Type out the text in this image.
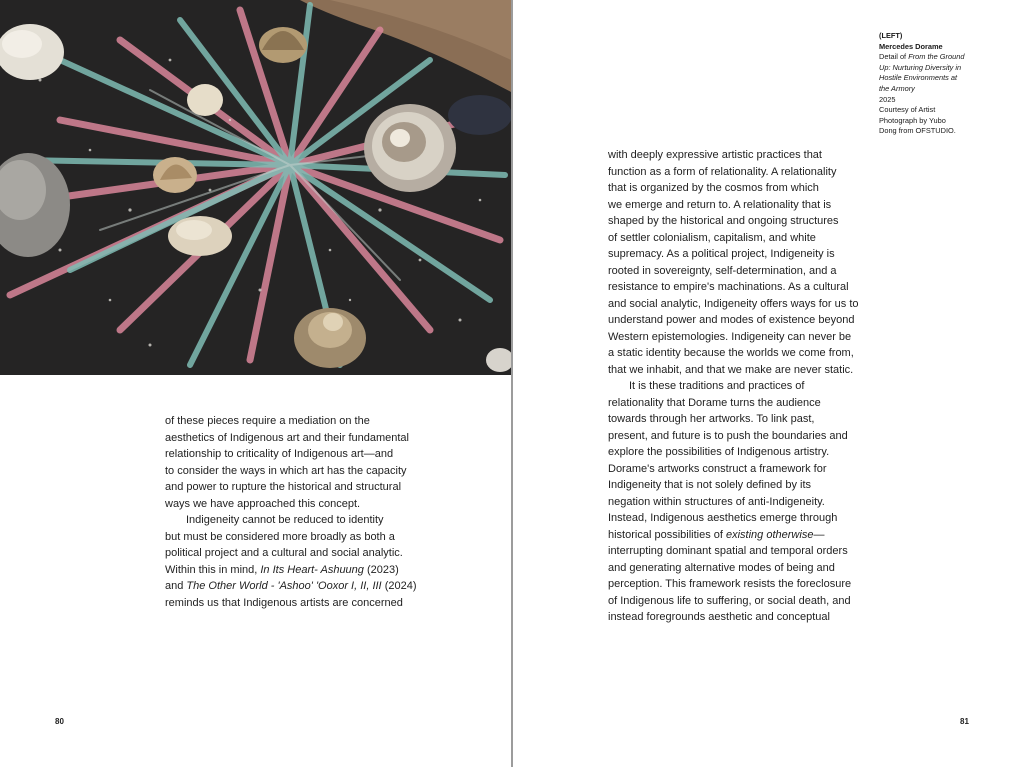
of these pieces require a mediation on the
aesthetics of Indigenous art and their fundamental
relationship to criticality of Indigenous art—and
to consider the ways in which art has the capacity
and power to rupture the historical and structural
ways we have approached this concept.
Indigeneity cannot be reduced to identity
but must be considered more broadly as both a
political project and a cultural and social analytic.
Within this in mind, In Its Heart- Ashuung (2023)
and The Other World - 'Ashoo' 'Ooxor I, II, III (2024)
reminds us that Indigenous artists are concerned
80
(LEFT)
Mercedes Dorame
Detail of From the Ground
Up: Nurturing Diversity in
Hostile Environments at
the Armory
2025
Courtesy of Artist
Photograph by Yubo
Dong from OFSTUDIO.
with deeply expressive artistic practices that
function as a form of relationality. A relationality
that is organized by the cosmos from which
we emerge and return to. A relationality that is
shaped by the historical and ongoing structures
of settler colonialism, capitalism, and white
supremacy. As a political project, Indigeneity is
rooted in sovereignty, self-determination, and a
resistance to empire's machinations. As a cultural
and social analytic, Indigeneity offers ways for us to
understand power and modes of existence beyond
Western epistemologies. Indigeneity can never be
a static identity because the worlds we come from,
that we inhabit, and that we make are never static.
It is these traditions and practices of
relationality that Dorame turns the audience
towards through her artworks. To link past,
present, and future is to push the boundaries and
explore the possibilities of Indigenous artistry.
Dorame's artworks construct a framework for
Indigeneity that is not solely defined by its
negation within structures of anti-Indigeneity.
Instead, Indigenous aesthetics emerge through
historical possibilities of existing otherwise—
interrupting dominant spatial and temporal orders
and generating alternative modes of being and
perception. This framework resists the foreclosure
of Indigenous life to suffering, or social death, and
instead foregrounds aesthetic and conceptual
81
